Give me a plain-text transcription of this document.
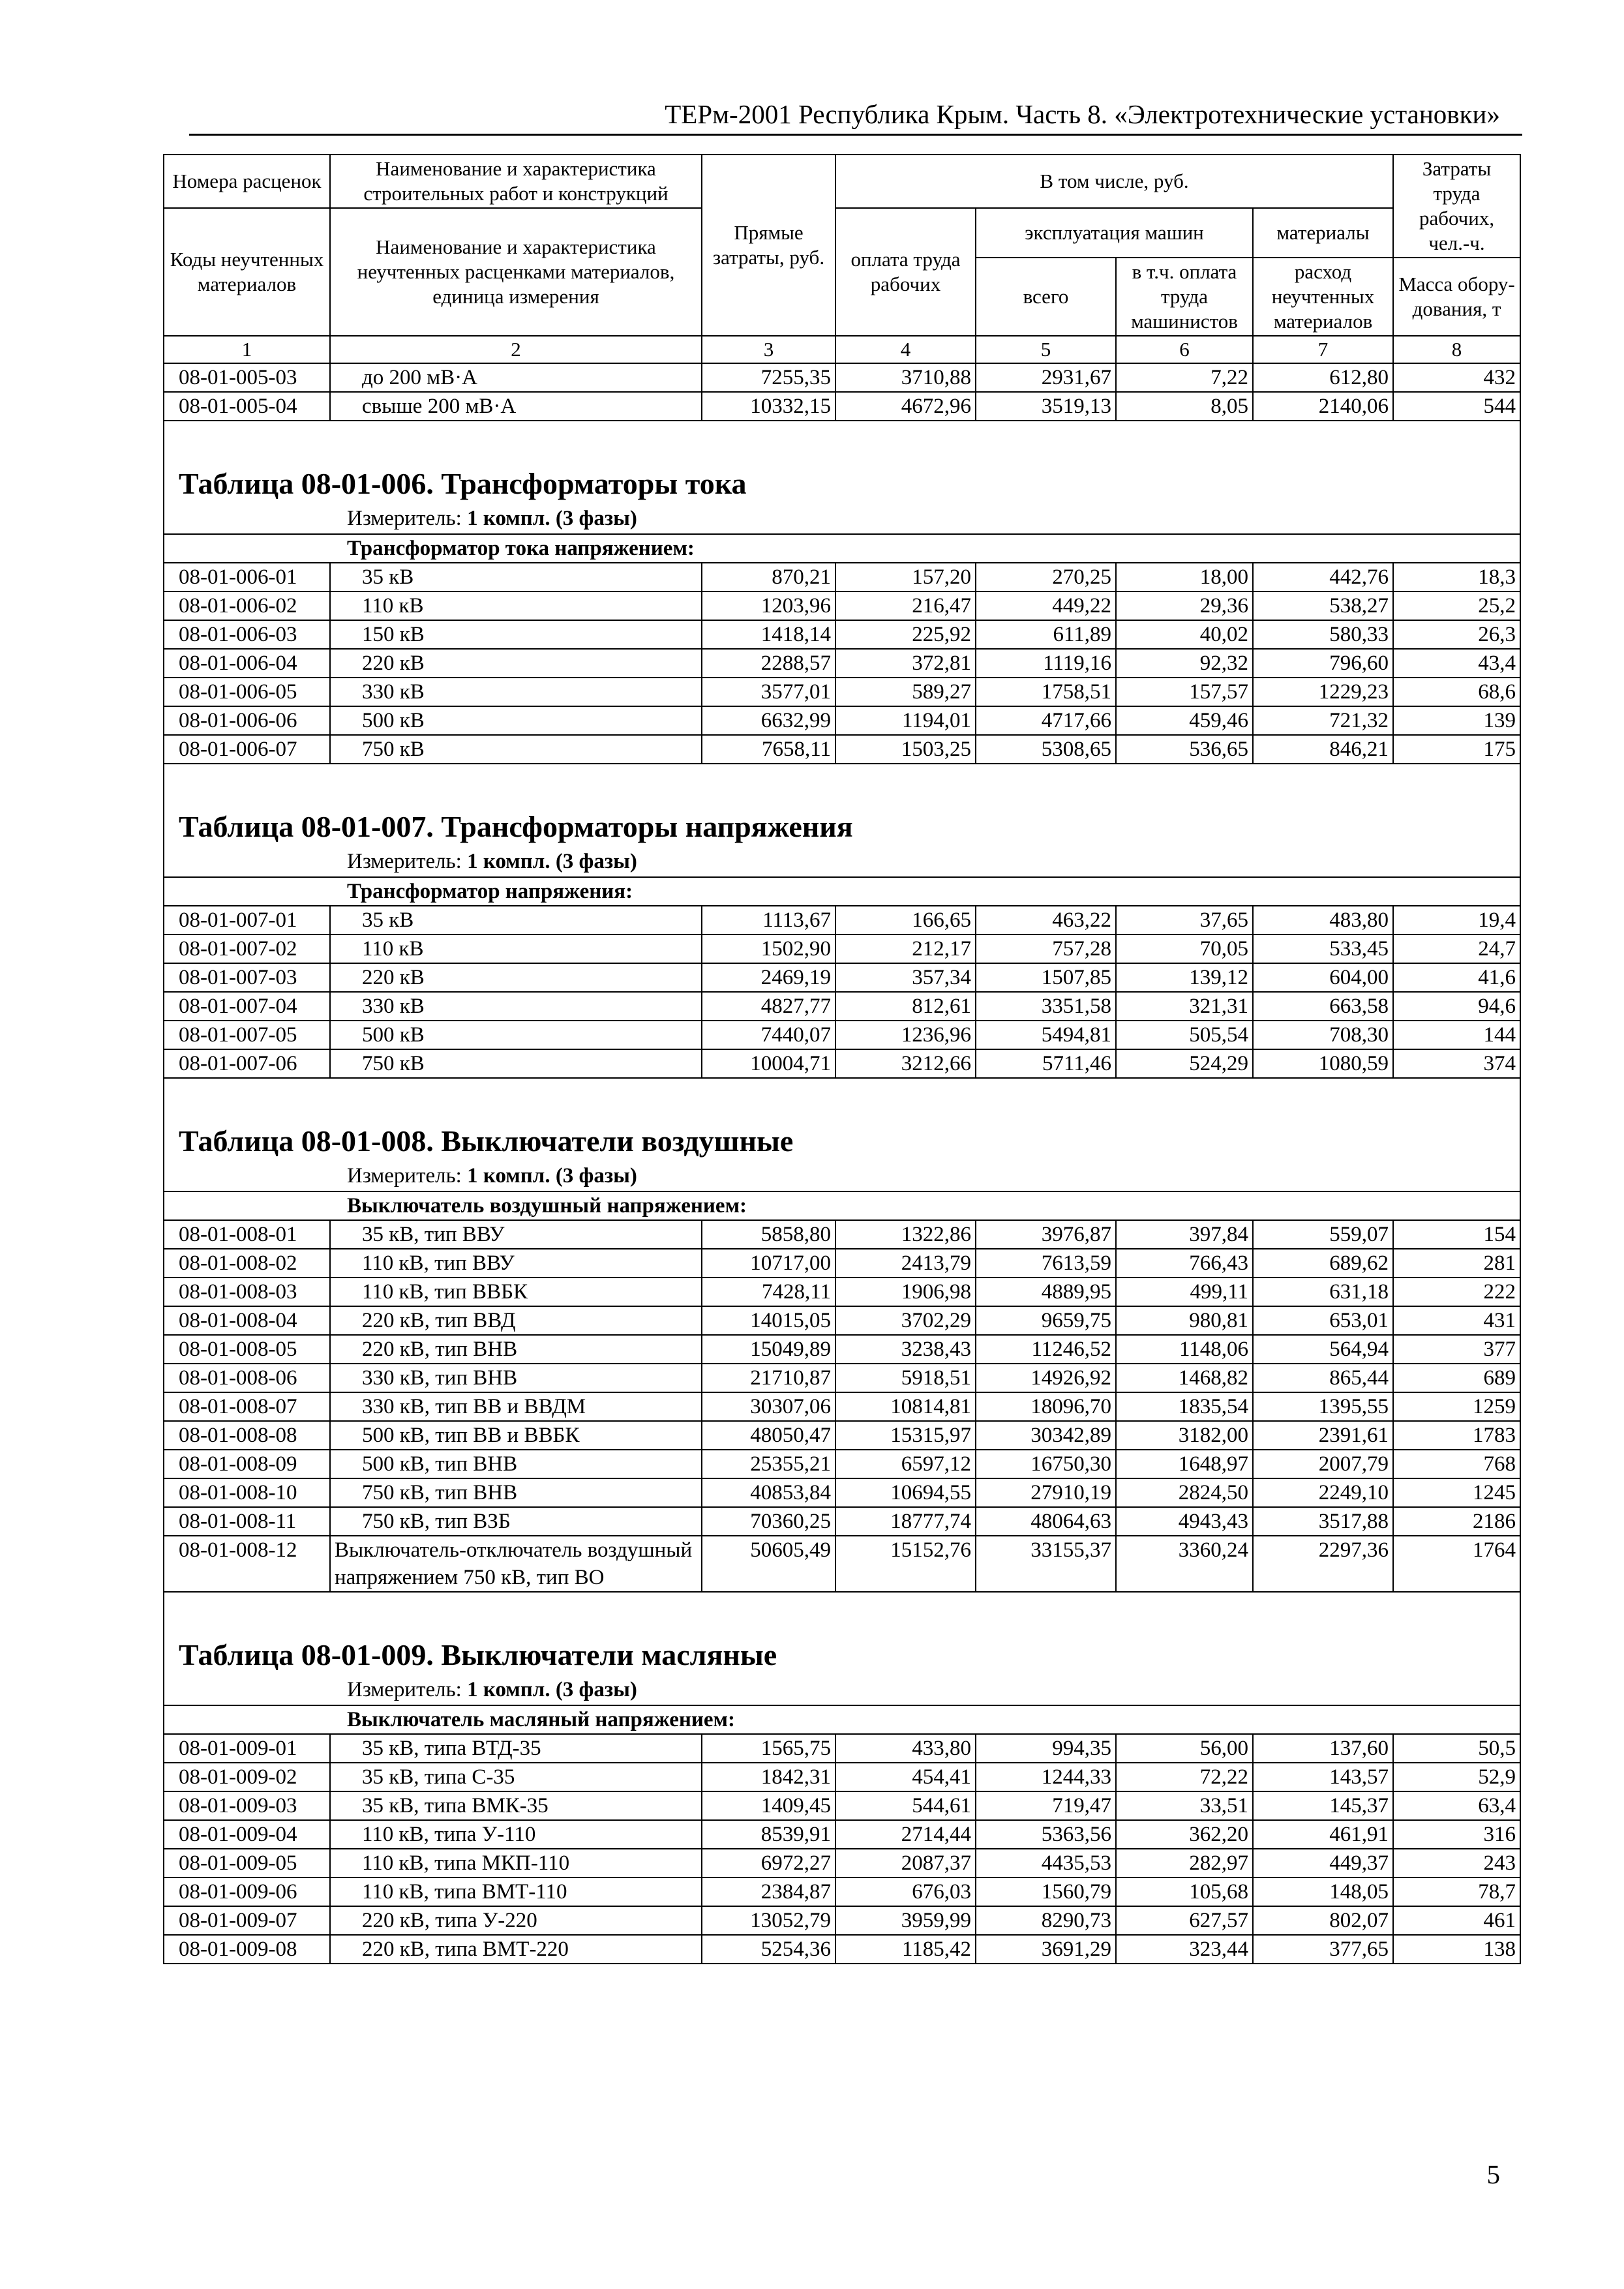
ТЕРм-2001 Республика Крым. Часть 8. «Электротехнические установки»
Номера расценок	Наименование и характеристика строительных работ и конструкций	Прямые затраты, руб.	В том числе, руб.				Затраты труда рабочих, чел.-ч.
Коды неучтенных материалов	Наименование и характеристика неучтенных расценками материалов, единица измерения		оплата труда рабочих	эксплуатация машин		материалы	
				всего	в т.ч. оплата труда машинистов	расход неучтенных материалов	Масса обору-дования, т
1	2	3	4	5	6	7	8
08-01-005-03	до 200 мВ·А	7255,35	3710,88	2931,67	7,22	612,80	432
08-01-005-04	свыше 200 мВ·А	10332,15	4672,96	3519,13	8,05	2140,06	544

Таблица 08-01-006. Трансформаторы тока							
Измеритель: 1 компл. (3 фазы)							
Трансформатор тока напряжением:							
08-01-006-01	35 кВ	870,21	157,20	270,25	18,00	442,76	18,3
08-01-006-02	110 кВ	1203,96	216,47	449,22	29,36	538,27	25,2
08-01-006-03	150 кВ	1418,14	225,92	611,89	40,02	580,33	26,3
08-01-006-04	220 кВ	2288,57	372,81	1119,16	92,32	796,60	43,4
08-01-006-05	330 кВ	3577,01	589,27	1758,51	157,57	1229,23	68,6
08-01-006-06	500 кВ	6632,99	1194,01	4717,66	459,46	721,32	139
08-01-006-07	750 кВ	7658,11	1503,25	5308,65	536,65	846,21	175

Таблица 08-01-007. Трансформаторы напряжения							
Измеритель: 1 компл. (3 фазы)							
Трансформатор напряжения:							
08-01-007-01	35 кВ	1113,67	166,65	463,22	37,65	483,80	19,4
08-01-007-02	110 кВ	1502,90	212,17	757,28	70,05	533,45	24,7
08-01-007-03	220 кВ	2469,19	357,34	1507,85	139,12	604,00	41,6
08-01-007-04	330 кВ	4827,77	812,61	3351,58	321,31	663,58	94,6
08-01-007-05	500 кВ	7440,07	1236,96	5494,81	505,54	708,30	144
08-01-007-06	750 кВ	10004,71	3212,66	5711,46	524,29	1080,59	374

Таблица 08-01-008. Выключатели воздушные							
Измеритель: 1 компл. (3 фазы)							
Выключатель воздушный напряжением:							
08-01-008-01	35 кВ, тип ВВУ	5858,80	1322,86	3976,87	397,84	559,07	154
08-01-008-02	110 кВ, тип ВВУ	10717,00	2413,79	7613,59	766,43	689,62	281
08-01-008-03	110 кВ, тип ВВБК	7428,11	1906,98	4889,95	499,11	631,18	222
08-01-008-04	220 кВ, тип ВВД	14015,05	3702,29	9659,75	980,81	653,01	431
08-01-008-05	220 кВ, тип ВНВ	15049,89	3238,43	11246,52	1148,06	564,94	377
08-01-008-06	330 кВ, тип ВНВ	21710,87	5918,51	14926,92	1468,82	865,44	689
08-01-008-07	330 кВ, тип ВВ и ВВДМ	30307,06	10814,81	18096,70	1835,54	1395,55	1259
08-01-008-08	500 кВ, тип ВВ и ВВБК	48050,47	15315,97	30342,89	3182,00	2391,61	1783
08-01-008-09	500 кВ, тип ВНВ	25355,21	6597,12	16750,30	1648,97	2007,79	768
08-01-008-10	750 кВ, тип ВНВ	40853,84	10694,55	27910,19	2824,50	2249,10	1245
08-01-008-11	750 кВ, тип ВЗБ	70360,25	18777,74	48064,63	4943,43	3517,88	2186
08-01-008-12	Выключатель-отключатель воздушный напряжением 750 кВ, тип ВО	50605,49	15152,76	33155,37	3360,24	2297,36	1764

Таблица 08-01-009. Выключатели масляные							
Измеритель: 1 компл. (3 фазы)							
Выключатель масляный напряжением:							
08-01-009-01	35 кВ, типа ВТД-35	1565,75	433,80	994,35	56,00	137,60	50,5
08-01-009-02	35 кВ, типа С-35	1842,31	454,41	1244,33	72,22	143,57	52,9
08-01-009-03	35 кВ, типа ВМК-35	1409,45	544,61	719,47	33,51	145,37	63,4
08-01-009-04	110 кВ, типа У-110	8539,91	2714,44	5363,56	362,20	461,91	316
08-01-009-05	110 кВ, типа МКП-110	6972,27	2087,37	4435,53	282,97	449,37	243
08-01-009-06	110 кВ, типа ВМТ-110	2384,87	676,03	1560,79	105,68	148,05	78,7
08-01-009-07	220 кВ, типа У-220	13052,79	3959,99	8290,73	627,57	802,07	461
08-01-009-08	220 кВ, типа ВМТ-220	5254,36	1185,42	3691,29	323,44	377,65	138
5
